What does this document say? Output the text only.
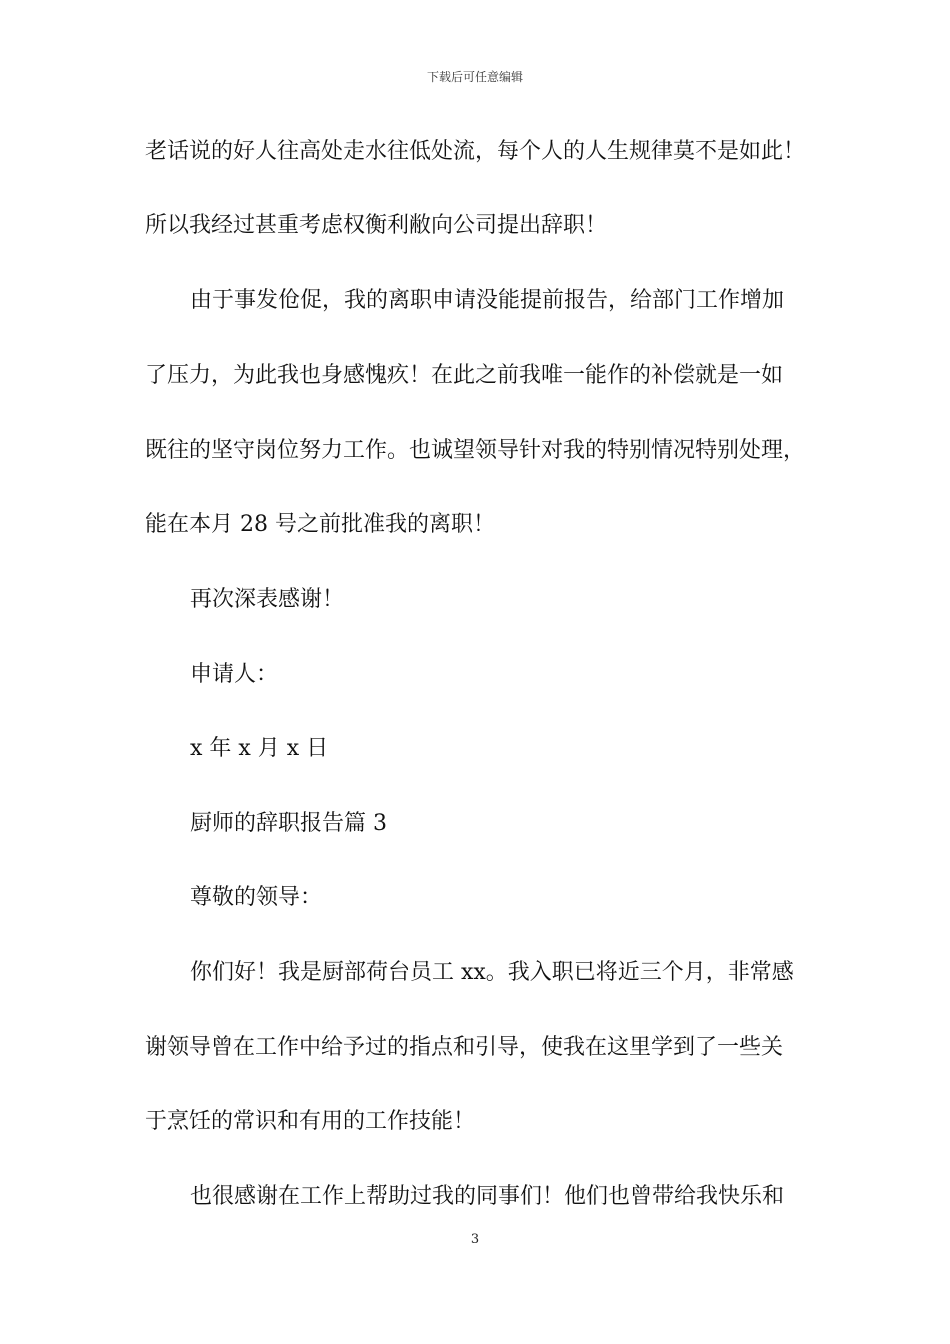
下载后可任意编辑
老话说的好人往高处走水往低处流，每个人的人生规律莫不是如此！
所以我经过甚重考虑权衡利敝向公司提出辞职！
由于事发伧促，我的离职申请没能提前报告，给部门工作增加
了压力，为此我也身感愧疚！在此之前我唯一能作的补偿就是一如
既往的坚守岗位努力工作。也诚望领导针对我的特别情况特别处理，
能在本月 28 号之前批准我的离职！
再次深表感谢！
申请人：
x 年 x 月 x 日
厨师的辞职报告篇 3
尊敬的领导：
你们好！我是厨部荷台员工 xx。我入职已将近三个月，非常感
谢领导曾在工作中给予过的指点和引导，使我在这里学到了一些关
于烹饪的常识和有用的工作技能！
也很感谢在工作上帮助过我的同事们！他们也曾带给我快乐和
3
